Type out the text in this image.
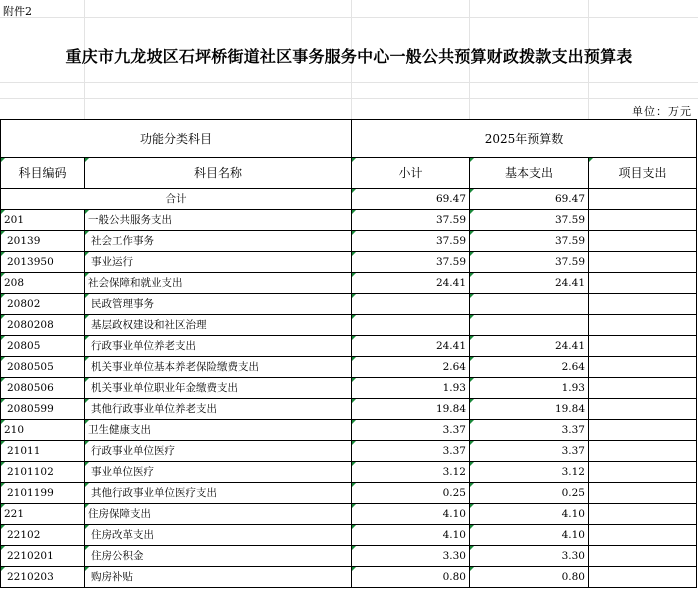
附件2
重庆市九龙坡区石坪桥街道社区事务服务中心一般公共预算财政拨款支出预算表
单位：万元
功能分类科目		2025年预算数		
科目编码	科目名称	小计	基本支出	项目支出
合计		69.47	69.47	
201	一般公共服务支出	37.59	37.59	
20139	社会工作事务	37.59	37.59	
2013950	事业运行	37.59	37.59	
208	社会保障和就业支出	24.41	24.41	
20802	民政管理事务			
2080208	基层政权建设和社区治理			
20805	行政事业单位养老支出	24.41	24.41	
2080505	机关事业单位基本养老保险缴费支出	2.64	2.64	
2080506	机关事业单位职业年金缴费支出	1.93	1.93	
2080599	其他行政事业单位养老支出	19.84	19.84	
210	卫生健康支出	3.37	3.37	
21011	行政事业单位医疗	3.37	3.37	
2101102	事业单位医疗	3.12	3.12	
2101199	其他行政事业单位医疗支出	0.25	0.25	
221	住房保障支出	4.10	4.10	
22102	住房改革支出	4.10	4.10	
2210201	住房公积金	3.30	3.30	
2210203	购房补贴	0.80	0.80	
